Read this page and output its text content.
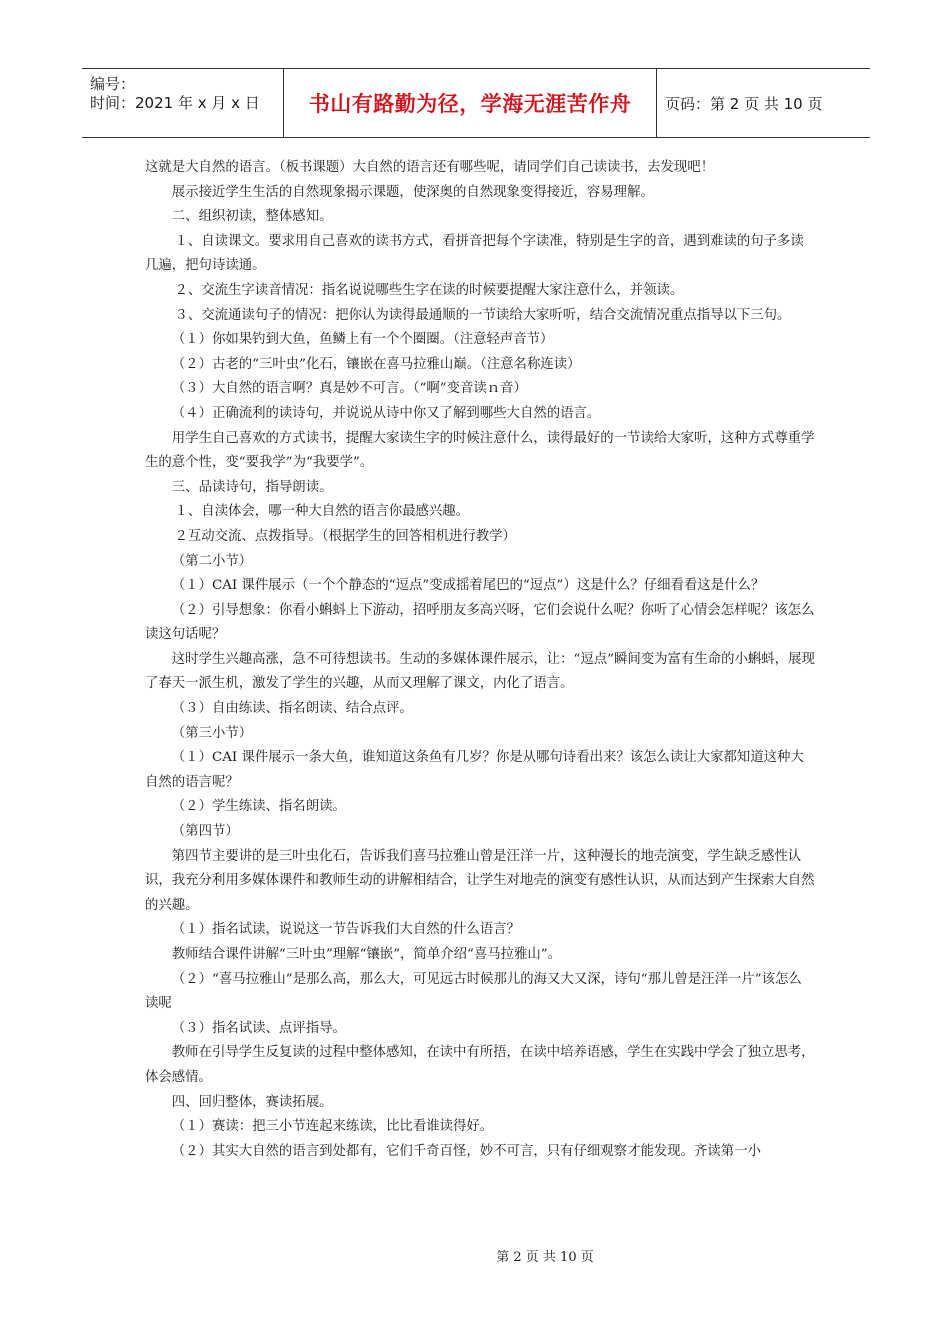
编号：
时间：2021 年 x 月 x 日 书山有路勤为径，学海无涯苦作舟 页码：第 2 页 共 10 页

这就是大自然的语言。（板书课题）大自然的语言还有哪些呢，请同学们自己读读书，去发现吧！

展示接近学生生活的自然现象揭示课题，使深奥的自然现象变得接近，容易理解。

二、组织初读，整体感知。

１、自读课文。要求用自己喜欢的读书方式，看拼音把每个字读准，特别是生字的音，遇到难读的句子多读几遍，把句诗读通。

２、交流生字读音情况：指名说说哪些生字在读的时候要提醒大家注意什么，并领读。

３、交流通读句子的情况：把你认为读得最通顺的一节读给大家听听，结合交流情况重点指导以下三句。

（１）你如果钓到大鱼，鱼鳞上有一个个圈圈。（注意轻声音节）

（２）古老的“三叶虫”化石，镶嵌在喜马拉雅山巅。（注意名称连读）

（３）大自然的语言啊？真是妙不可言。（“啊”变音读ｎ音）

（４）正确流利的读诗句，并说说从诗中你又了解到哪些大自然的语言。

用学生自己喜欢的方式读书，提醒大家读生字的时候注意什么，读得最好的一节读给大家听，这种方式尊重学生的意个性，变“要我学”为“我要学”。

三、品读诗句，指导朗读。

１、自渎体会，哪一种大自然的语言你最感兴趣。

２互动交流、点拨指导。（根据学生的回答相机进行教学）

（第二小节）

（１）CAI 课件展示（一个个静态的“逗点”变成摇着尾巴的“逗点”）这是什么？仔细看看这是什么？

（２）引导想象：你看小蝌蚪上下游动，招呼朋友多高兴呀，它们会说什么呢？你听了心情会怎样呢？该怎么读这句话呢？

这时学生兴趣高涨，急不可待想读书。生动的多媒体课件展示，让：“逗点”瞬间变为富有生命的小蝌蚪，展现了春天一派生机，激发了学生的兴趣，从而又理解了课文，内化了语言。

（３）自由练读、指名朗读、结合点评。

（第三小节）

（１）CAI 课件展示一条大鱼，谁知道这条鱼有几岁？你是从哪句诗看出来？该怎么读让大家都知道这种大自然的语言呢？

（２）学生练读、指名朗读。

（第四节）

第四节主要讲的是三叶虫化石，告诉我们喜马拉雅山曾是汪洋一片，这种漫长的地壳演变，学生缺乏感性认识，我充分利用多媒体课件和教师生动的讲解相结合，让学生对地壳的演变有感性认识，从而达到产生探索大自然的兴趣。

（１）指名试读，说说这一节告诉我们大自然的什么语言？

教师结合课件讲解“三叶虫”理解“镶嵌”，简单介绍“喜马拉雅山”。

（２）“喜马拉雅山”是那么高，那么大，可见远古时候那儿的海又大又深，诗句“那儿曾是汪洋一片”该怎么读呢

（３）指名试读、点评指导。

教师在引导学生反复读的过程中整体感知，在读中有所捂，在读中培养语感，学生在实践中学会了独立思考，体会感情。

四、回归整体，赛读拓展。

（１）赛读：把三小节连起来练读，比比看谁读得好。

（２）其实大自然的语言到处都有，它们千奇百怪，妙不可言，只有仔细观察才能发现。齐读第一小

第 2 页 共 10 页
